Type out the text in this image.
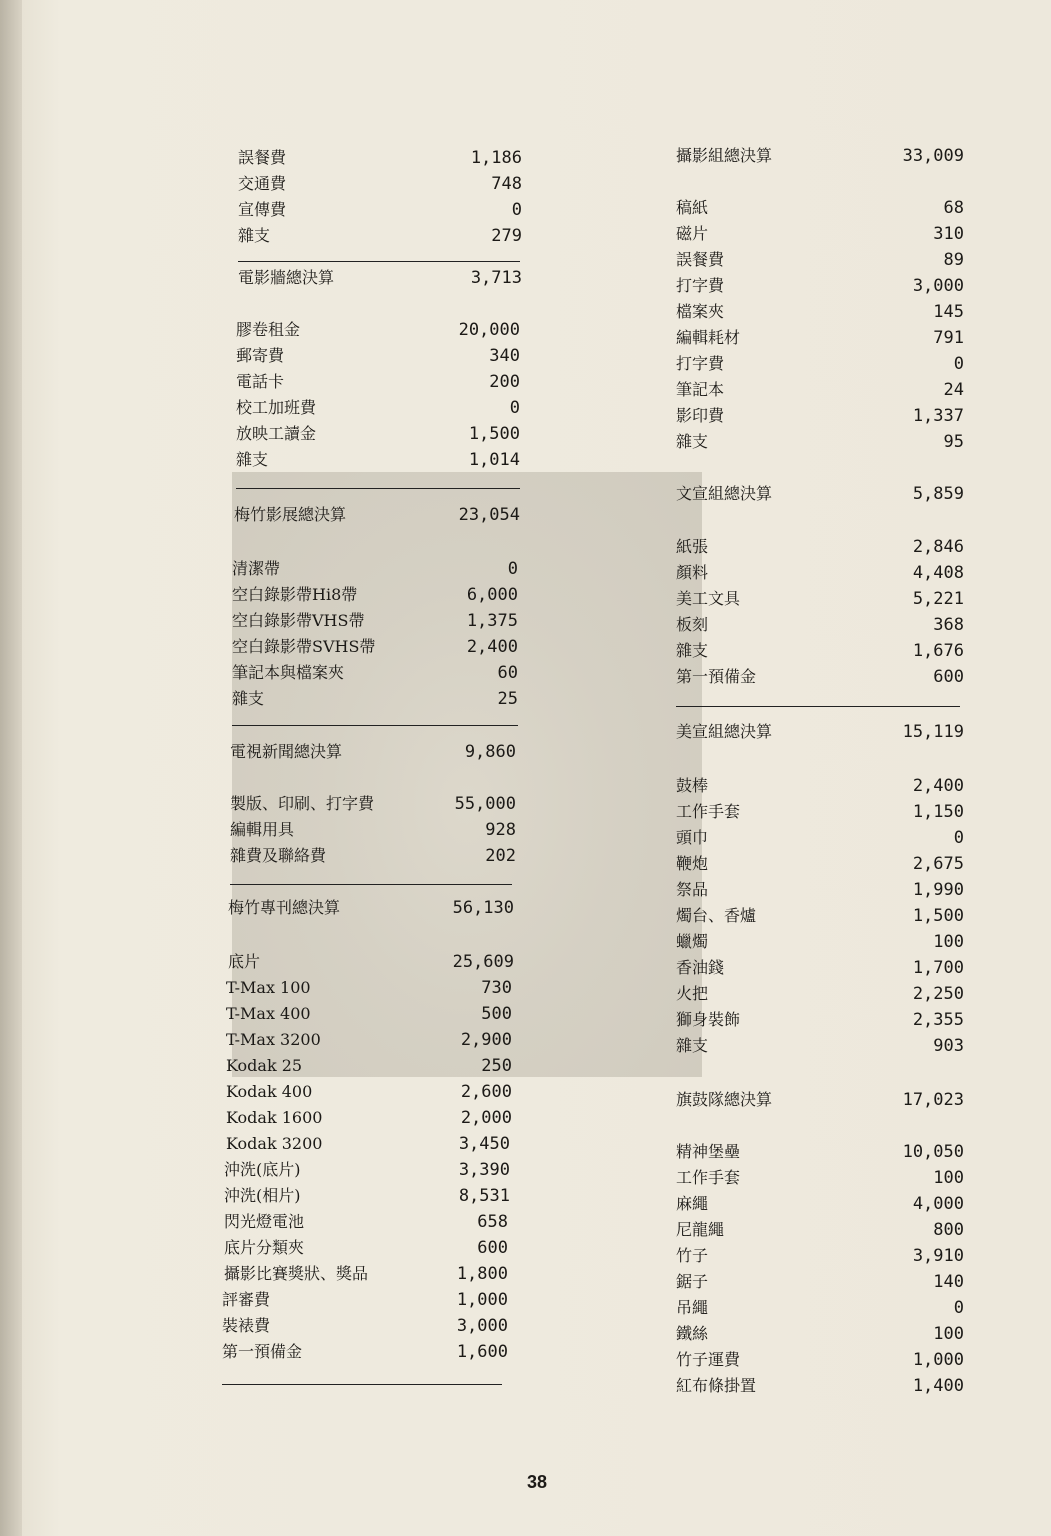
38
誤餐費	1,186
交通費	748
宣傳費	0
雜支	279
電影牆總決算	3,713
膠卷租金	20,000
郵寄費	340
電話卡	200
校工加班費	0
放映工讀金	1,500
雜支	1,014
梅竹影展總決算	23,054
清潔帶	0
空白錄影帶Hi8帶	6,000
空白錄影帶VHS帶	1,375
空白錄影帶SVHS帶	2,400
筆記本與檔案夾	60
雜支	25
電視新聞總決算	9,860
製版、印刷、打字費	55,000
編輯用具	928
雜費及聯絡費	202
梅竹專刊總決算	56,130
底片	25,609
T-Max 100	730
T-Max 400	500
T-Max 3200	2,900
Kodak 25	250
Kodak 400	2,600
Kodak 1600	2,000
Kodak 3200	3,450
沖洗(底片)	3,390
沖洗(相片)	8,531
閃光燈電池	658
底片分類夾	600
攝影比賽獎狀、獎品	1,800
評審費	1,000
裝裱費	3,000
第一預備金	1,600
攝影組總決算	33,009
稿紙	68
磁片	310
誤餐費	89
打字費	3,000
檔案夾	145
編輯耗材	791
打字費	0
筆記本	24
影印費	1,337
雜支	95
文宣組總決算	5,859
紙張	2,846
顏料	4,408
美工文具	5,221
板刻	368
雜支	1,676
第一預備金	600
美宣組總決算	15,119
鼓棒	2,400
工作手套	1,150
頭巾	0
鞭炮	2,675
祭品	1,990
燭台、香爐	1,500
蠟燭	100
香油錢	1,700
火把	2,250
獅身裝飾	2,355
雜支	903
旗鼓隊總決算	17,023
精神堡壘	10,050
工作手套	100
麻繩	4,000
尼龍繩	800
竹子	3,910
鋸子	140
吊繩	0
鐵絲	100
竹子運費	1,000
紅布條掛置	1,400
